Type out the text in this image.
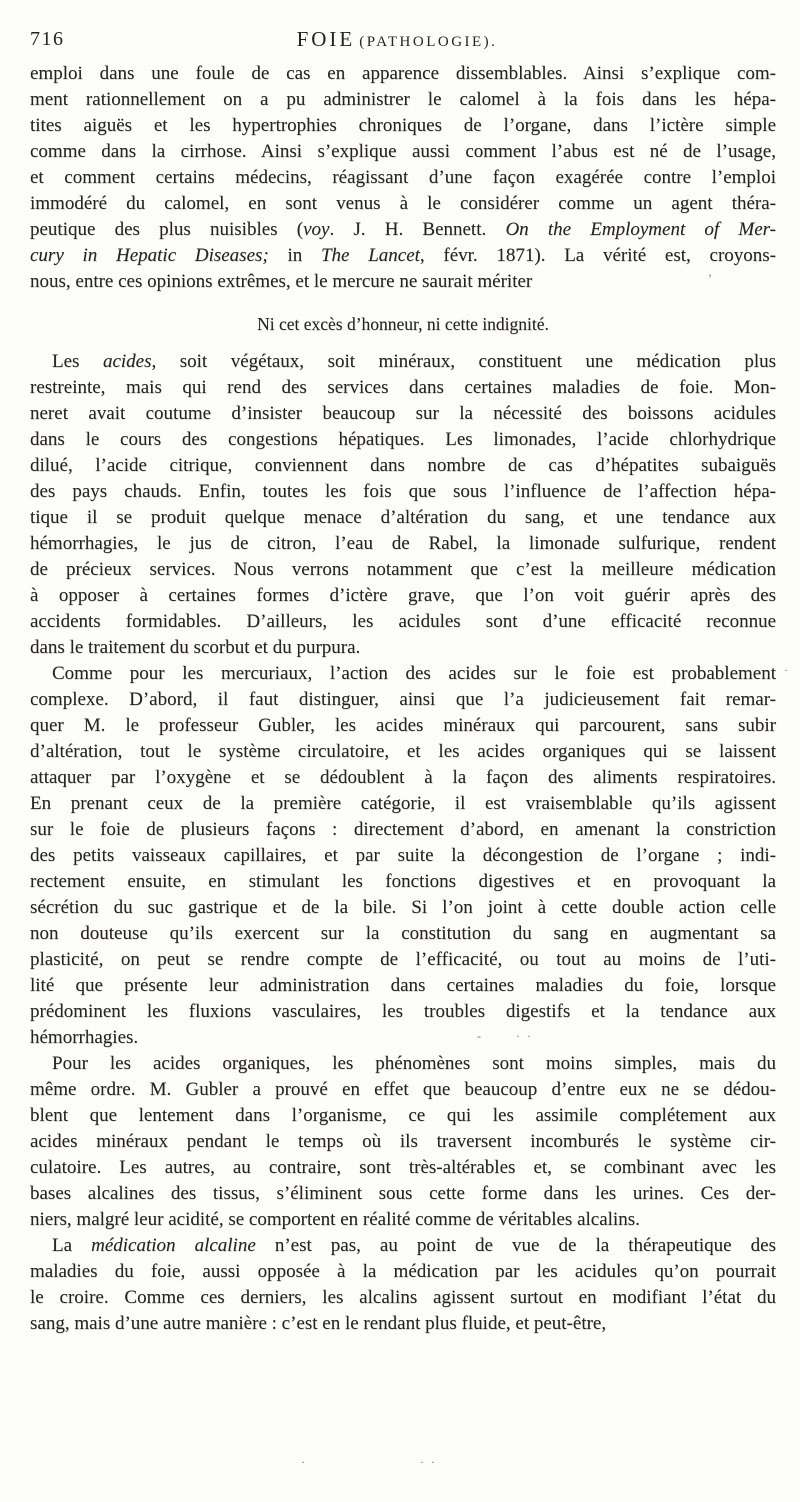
716	FOIE (PATHOLOGIE).
emploi dans une foule de cas en apparence dissemblables. Ainsi s’explique com-
ment rationnellement on a pu administrer le calomel à la fois dans les hépa-
tites aiguës et les hypertrophies chroniques de l’organe, dans l’ictère simple
comme dans la cirrhose. Ainsi s’explique aussi comment l’abus est né de l’usage,
et comment certains médecins, réagissant d’une façon exagérée contre l’emploi
immodéré du calomel, en sont venus à le considérer comme un agent théra-
peutique des plus nuisibles (voy. J. H. Bennett. On the Employment of Mer-
cury in Hepatic Diseases; in The Lancet, févr. 1871). La vérité est, croyons-
nous, entre ces opinions extrêmes, et le mercure ne saurait mériter
Ni cet excès d’honneur, ni cette indignité.
Les acides, soit végétaux, soit minéraux, constituent une médication plus
restreinte, mais qui rend des services dans certaines maladies de foie. Mon-
neret avait coutume d’insister beaucoup sur la nécessité des boissons acidules
dans le cours des congestions hépatiques. Les limonades, l’acide chlorhydrique
dilué, l’acide citrique, conviennent dans nombre de cas d’hépatites subaiguës
des pays chauds. Enfin, toutes les fois que sous l’influence de l’affection hépa-
tique il se produit quelque menace d’altération du sang, et une tendance aux
hémorrhagies, le jus de citron, l’eau de Rabel, la limonade sulfurique, rendent
de précieux services. Nous verrons notamment que c’est la meilleure médication
à opposer à certaines formes d’ictère grave, que l’on voit guérir après des
accidents formidables. D’ailleurs, les acidules sont d’une efficacité reconnue
dans le traitement du scorbut et du purpura.
Comme pour les mercuriaux, l’action des acides sur le foie est probablement
complexe. D’abord, il faut distinguer, ainsi que l’a judicieusement fait remar-
quer M. le professeur Gubler, les acides minéraux qui parcourent, sans subir
d’altération, tout le système circulatoire, et les acides organiques qui se laissent
attaquer par l’oxygène et se dédoublent à la façon des aliments respiratoires.
En prenant ceux de la première catégorie, il est vraisemblable qu’ils agissent
sur le foie de plusieurs façons : directement d’abord, en amenant la constriction
des petits vaisseaux capillaires, et par suite la décongestion de l’organe ; indi-
rectement ensuite, en stimulant les fonctions digestives et en provoquant la
sécrétion du suc gastrique et de la bile. Si l’on joint à cette double action celle
non douteuse qu’ils exercent sur la constitution du sang en augmentant sa
plasticité, on peut se rendre compte de l’efficacité, ou tout au moins de l’uti-
lité que présente leur administration dans certaines maladies du foie, lorsque
prédominent les fluxions vasculaires, les troubles digestifs et la tendance aux
hémorrhagies.
Pour les acides organiques, les phénomènes sont moins simples, mais du
même ordre. M. Gubler a prouvé en effet que beaucoup d’entre eux ne se dédou-
blent que lentement dans l’organisme, ce qui les assimile complétement aux
acides minéraux pendant le temps où ils traversent incomburés le système cir-
culatoire. Les autres, au contraire, sont très-altérables et, se combinant avec les
bases alcalines des tissus, s’éliminent sous cette forme dans les urines. Ces der-
niers, malgré leur acidité, se comportent en réalité comme de véritables alcalins.
La médication alcaline n’est pas, au point de vue de la thérapeutique des
maladies du foie, aussi opposée à la médication par les acidules qu’on pourrait
le croire. Comme ces derniers, les alcalins agissent surtout en modifiant l’état du
sang, mais d’une autre manière : c’est en le rendant plus fluide, et peut-être,
’
·
-	· ·
·	· ·
